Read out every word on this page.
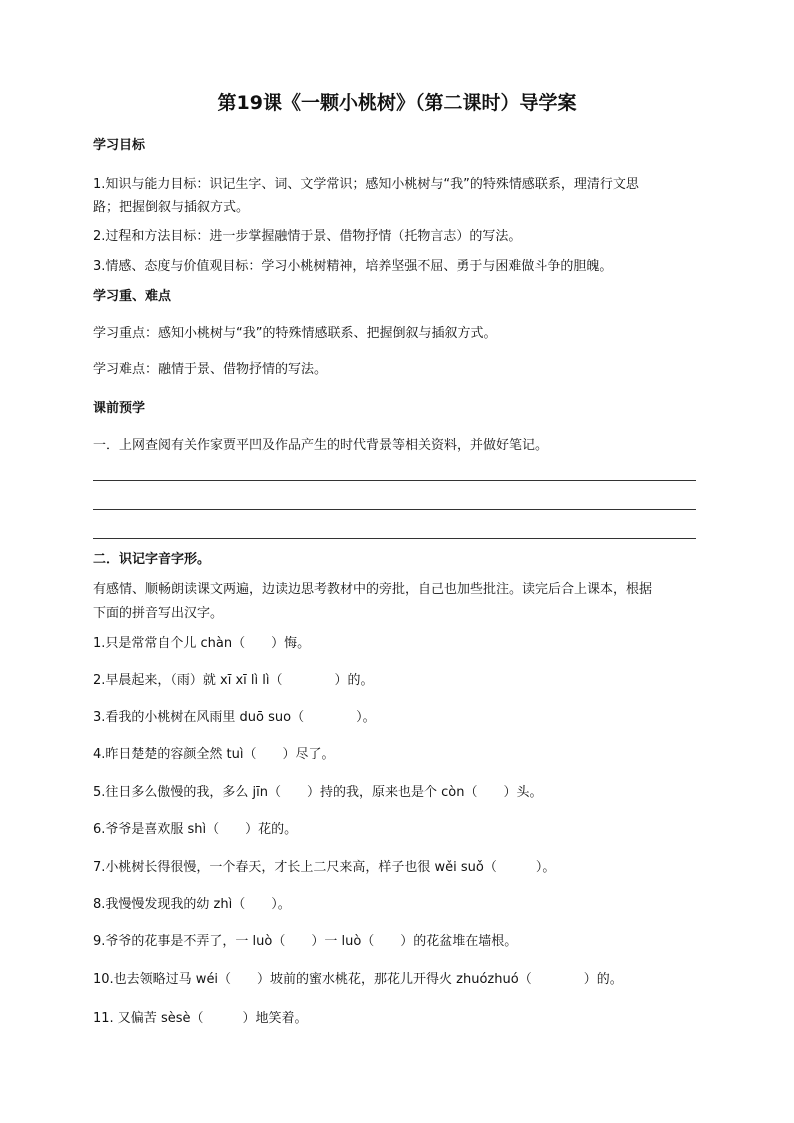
第19课《一颗小桃树》（第二课时）导学案
学习目标
1.知识与能力目标：识记生字、词、文学常识；感知小桃树与“我”的特殊情感联系，理清行文思
路；把握倒叙与插叙方式。
2.过程和方法目标：进一步掌握融情于景、借物抒情（托物言志）的写法。
3.情感、态度与价值观目标：学习小桃树精神，培养坚强不屈、勇于与困难做斗争的胆魄。
学习重、难点
学习重点：感知小桃树与“我”的特殊情感联系、把握倒叙与插叙方式。
学习难点：融情于景、借物抒情的写法。
课前预学
一．上网查阅有关作家贾平凹及作品产生的时代背景等相关资料，并做好笔记。
二．识记字音字形。
有感情、顺畅朗读课文两遍，边读边思考教材中的旁批，自己也加些批注。读完后合上课本，根据
下面的拼音写出汉字。
1.只是常常自个儿 chàn（　　）悔。
2.早晨起来，（雨）就 xī xī lì lì（　　　　）的。
3.看我的小桃树在风雨里 duō suo（　　　　）。
4.昨日楚楚的容颜全然 tuì（　　）尽了。
5.往日多么傲慢的我，多么 jīn（　　）持的我，原来也是个 còn（　　）头。
6.爷爷是喜欢服 shì（　　）花的。
7.小桃树长得很慢，一个春天，才长上二尺来高，样子也很 wěi suǒ（　　　）。
8.我慢慢发现我的幼 zhì（　　）。
9.爷爷的花事是不弄了，一 luò（　　）一 luò（　　）的花盆堆在墙根。
10.也去领略过马 wéi（　　）坡前的蜜水桃花，那花儿开得火 zhuózhuó（　　　　）的。
11. 又偏苦 sèsè（　　　）地笑着。
